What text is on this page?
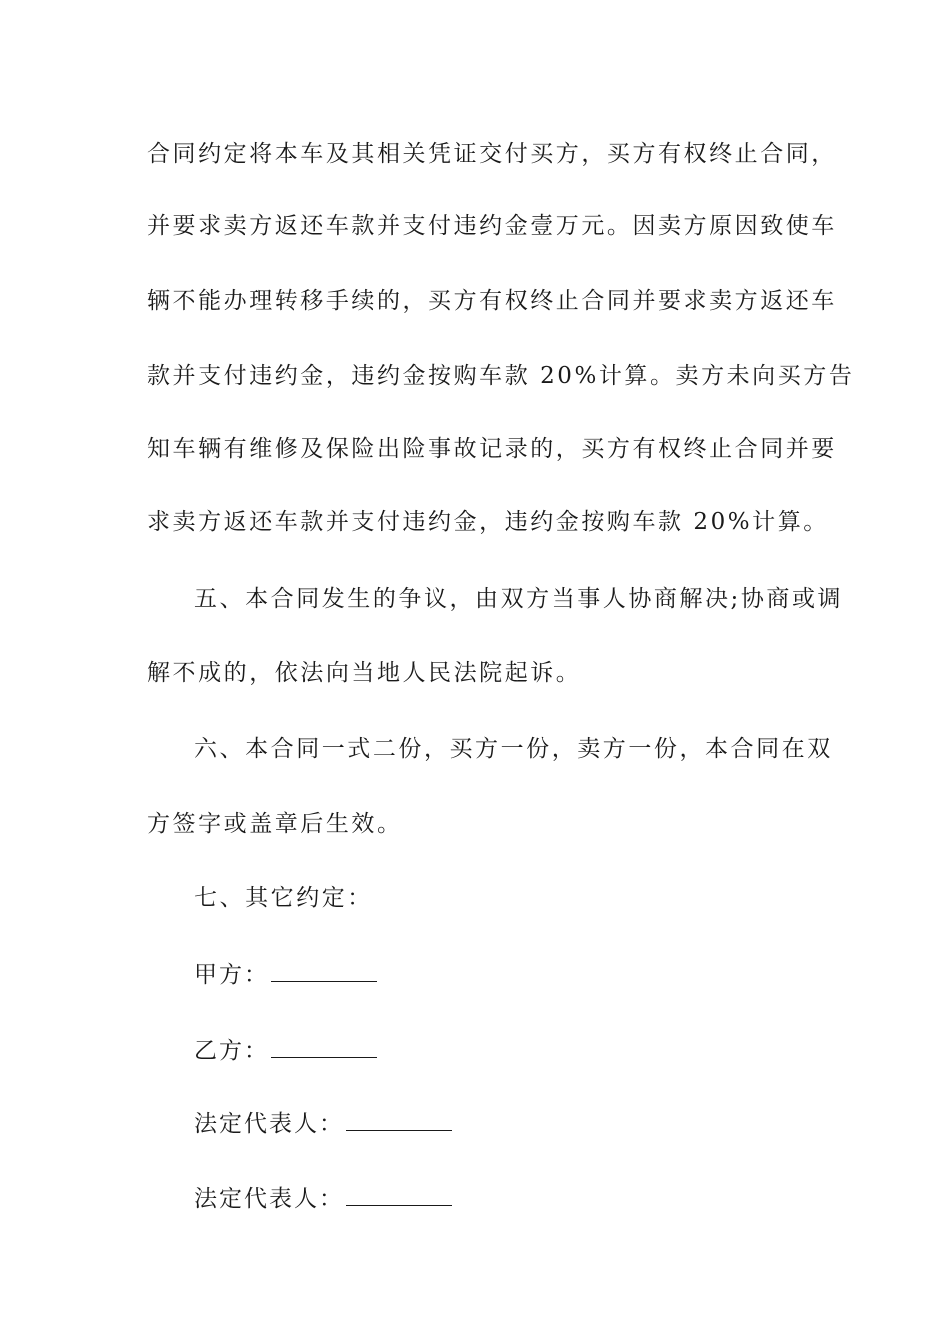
合同约定将本车及其相关凭证交付买方，买方有权终止合同，
并要求卖方返还车款并支付违约金壹万元。因卖方原因致使车
辆不能办理转移手续的，买方有权终止合同并要求卖方返还车
款并支付违约金，违约金按购车款 20%计算。卖方未向买方告
知车辆有维修及保险出险事故记录的，买方有权终止合同并要
求卖方返还车款并支付违约金，违约金按购车款 20%计算。
五、本合同发生的争议，由双方当事人协商解决;协商或调
解不成的，依法向当地人民法院起诉。
六、本合同一式二份，买方一份，卖方一份，本合同在双
方签字或盖章后生效。
七、其它约定：
甲方：
乙方：
法定代表人：
法定代表人：
